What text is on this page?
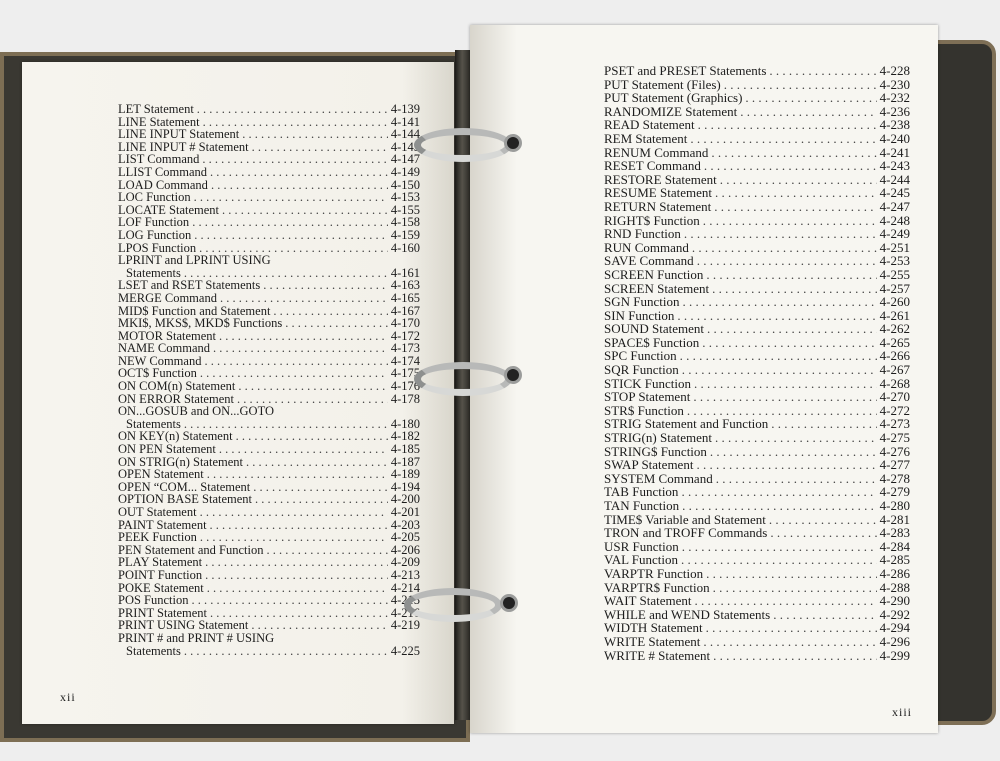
LET Statement . . .	4-139
LINE Statement . . .	4-141
LINE INPUT Statement . . .	4-144
LINE INPUT # Statement . . .	4-145
LIST Command . . .	4-147
LLIST Command . . .	4-149
LOAD Command . . .	4-150
LOC Function . . .	4-153
LOCATE Statement . . .	4-155
LOF Function . . .	4-158
LOG Function . . .	4-159
LPOS Function . . .	4-160
LPRINT and LPRINT USING
Statements . . .	4-161
LSET and RSET Statements . . .	4-163
MERGE Command . . .	4-165
MID$ Function and Statement . . .	4-167
MKI$, MKS$, MKD$ Functions . . .	4-170
MOTOR Statement . . .	4-172
NAME Command . . .	4-173
NEW Command . . .	4-174
OCT$ Function . . .	4-175
ON COM(n) Statement . . .	4-176
ON ERROR Statement . . .	4-178
ON...GOSUB and ON...GOTO
Statements . . .	4-180
ON KEY(n) Statement . . .	4-182
ON PEN Statement . . .	4-185
ON STRIG(n) Statement . . .	4-187
OPEN Statement . . .	4-189
OPEN “COM... Statement . . .	4-194
OPTION BASE Statement . . .	4-200
OUT Statement . . .	4-201
PAINT Statement . . .	4-203
PEEK Function . . .	4-205
PEN Statement and Function . . .	4-206
PLAY Statement . . .	4-209
POINT Function . . .	4-213
POKE Statement . . .	4-214
POS Function . . .	4-215
PRINT Statement . . .	4-216
PRINT USING Statement . . .	4-219
PRINT # and PRINT # USING
Statements . . .	4-225
xii
PSET and PRESET Statements . . .	4-228
PUT Statement (Files) . . .	4-230
PUT Statement (Graphics) . . .	4-232
RANDOMIZE Statement . . .	4-236
READ Statement . . .	4-238
REM Statement . . .	4-240
RENUM Command . . .	4-241
RESET Command . . .	4-243
RESTORE Statement . . .	4-244
RESUME Statement . . .	4-245
RETURN Statement . . .	4-247
RIGHT$ Function . . .	4-248
RND Function . . .	4-249
RUN Command . . .	4-251
SAVE Command . . .	4-253
SCREEN Function . . .	4-255
SCREEN Statement . . .	4-257
SGN Function . . .	4-260
SIN Function . . .	4-261
SOUND Statement . . .	4-262
SPACE$ Function . . .	4-265
SPC Function . . .	4-266
SQR Function . . .	4-267
STICK Function . . .	4-268
STOP Statement . . .	4-270
STR$ Function . . .	4-272
STRIG Statement and Function . . .	4-273
STRIG(n) Statement . . .	4-275
STRING$ Function . . .	4-276
SWAP Statement . . .	4-277
SYSTEM Command . . .	4-278
TAB Function . . .	4-279
TAN Function . . .	4-280
TIME$ Variable and Statement . . .	4-281
TRON and TROFF Commands . . .	4-283
USR Function . . .	4-284
VAL Function . . .	4-285
VARPTR Function . . .	4-286
VARPTR$ Function . . .	4-288
WAIT Statement . . .	4-290
WHILE and WEND Statements . . .	4-292
WIDTH Statement . . .	4-294
WRITE Statement . . .	4-296
WRITE # Statement . . .	4-299
xiii
